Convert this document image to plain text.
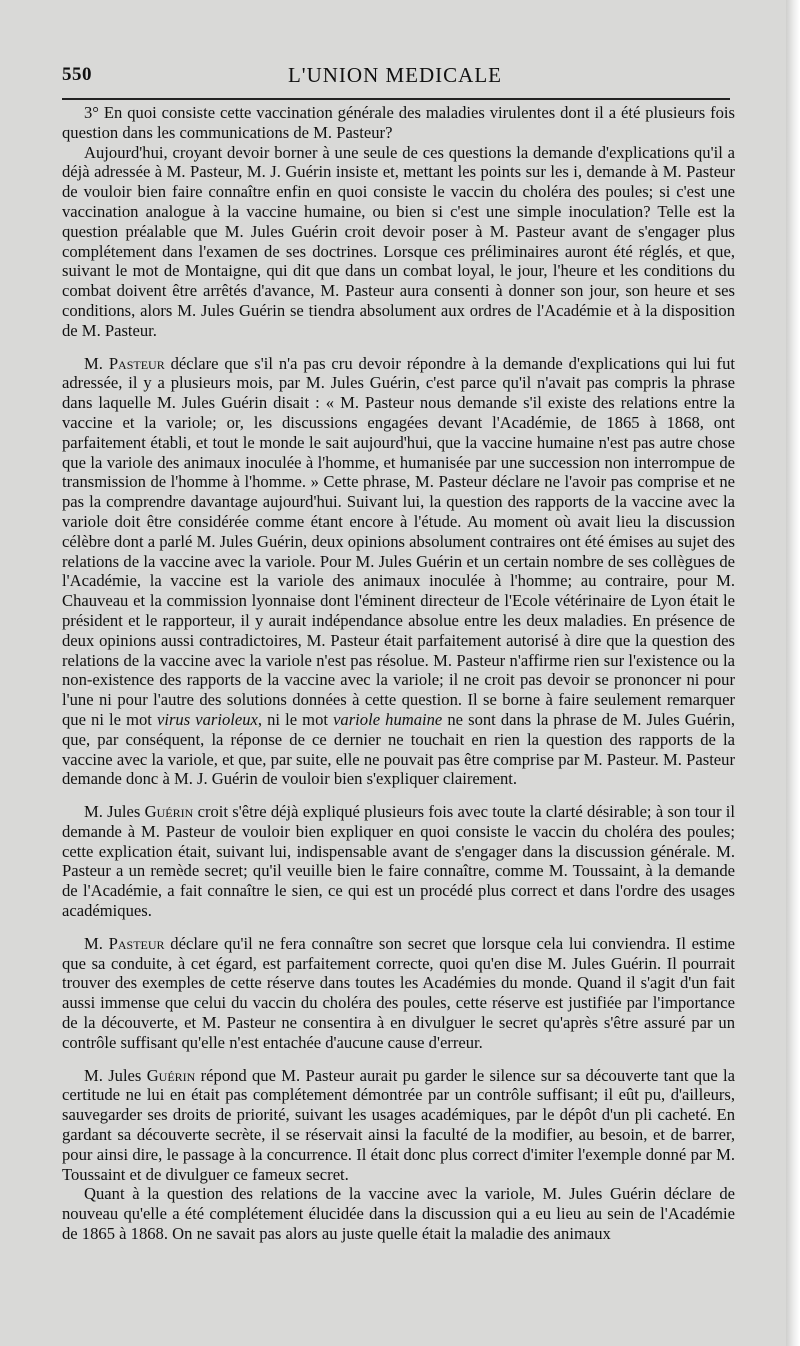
550	L'UNION MEDICALE

3° En quoi consiste cette vaccination générale des maladies virulentes dont il a été plusieurs fois question dans les communications de M. Pasteur?

Aujourd'hui, croyant devoir borner à une seule de ces questions la demande d'explications qu'il a déjà adressée à M. Pasteur, M. J. Guérin insiste et, mettant les points sur les i, demande à M. Pasteur de vouloir bien faire connaître enfin en quoi consiste le vaccin du choléra des poules; si c'est une vaccination analogue à la vaccine humaine, ou bien si c'est une simple inoculation? Telle est la question préalable que M. Jules Guérin croit devoir poser à M. Pasteur avant de s'engager plus complétement dans l'examen de ses doctrines. Lorsque ces préliminaires auront été réglés, et que, suivant le mot de Montaigne, qui dit que dans un combat loyal, le jour, l'heure et les conditions du combat doivent être arrêtés d'avance, M. Pasteur aura consenti à donner son jour, son heure et ses conditions, alors M. Jules Guérin se tiendra absolument aux ordres de l'Académie et à la disposition de M. Pasteur.

M. Pasteur déclare que s'il n'a pas cru devoir répondre à la demande d'explications qui lui fut adressée, il y a plusieurs mois, par M. Jules Guérin, c'est parce qu'il n'avait pas compris la phrase dans laquelle M. Jules Guérin disait : « M. Pasteur nous demande s'il existe des relations entre la vaccine et la variole; or, les discussions engagées devant l'Académie, de 1865 à 1868, ont parfaitement établi, et tout le monde le sait aujourd'hui, que la vaccine humaine n'est pas autre chose que la variole des animaux inoculée à l'homme, et humanisée par une succession non interrompue de transmission de l'homme à l'homme. » Cette phrase, M. Pasteur déclare ne l'avoir pas comprise et ne pas la comprendre davantage aujourd'hui. Suivant lui, la question des rapports de la vaccine avec la variole doit être considérée comme étant encore à l'étude. Au moment où avait lieu la discussion célèbre dont a parlé M. Jules Guérin, deux opinions absolument contraires ont été émises au sujet des relations de la vaccine avec la variole. Pour M. Jules Guérin et un certain nombre de ses collègues de l'Académie, la vaccine est la variole des animaux inoculée à l'homme; au contraire, pour M. Chauveau et la commission lyonnaise dont l'éminent directeur de l'Ecole vétérinaire de Lyon était le président et le rapporteur, il y aurait indépendance absolue entre les deux maladies. En présence de deux opinions aussi contradictoires, M. Pasteur était parfaitement autorisé à dire que la question des relations de la vaccine avec la variole n'est pas résolue. M. Pasteur n'affirme rien sur l'existence ou la non-existence des rapports de la vaccine avec la variole; il ne croit pas devoir se prononcer ni pour l'une ni pour l'autre des solutions données à cette question. Il se borne à faire seulement remarquer que ni le mot virus varioleux, ni le mot variole humaine ne sont dans la phrase de M. Jules Guérin, que, par conséquent, la réponse de ce dernier ne touchait en rien la question des rapports de la vaccine avec la variole, et que, par suite, elle ne pouvait pas être comprise par M. Pasteur. M. Pasteur demande donc à M. J. Guérin de vouloir bien s'expliquer clairement.

M. Jules Guérin croit s'être déjà expliqué plusieurs fois avec toute la clarté désirable; à son tour il demande à M. Pasteur de vouloir bien expliquer en quoi consiste le vaccin du choléra des poules; cette explication était, suivant lui, indispensable avant de s'engager dans la discussion générale. M. Pasteur a un remède secret; qu'il veuille bien le faire connaître, comme M. Toussaint, à la demande de l'Académie, a fait connaître le sien, ce qui est un procédé plus correct et dans l'ordre des usages académiques.

M. Pasteur déclare qu'il ne fera connaître son secret que lorsque cela lui conviendra. Il estime que sa conduite, à cet égard, est parfaitement correcte, quoi qu'en dise M. Jules Guérin. Il pourrait trouver des exemples de cette réserve dans toutes les Académies du monde. Quand il s'agit d'un fait aussi immense que celui du vaccin du choléra des poules, cette réserve est justifiée par l'importance de la découverte, et M. Pasteur ne consentira à en divulguer le secret qu'après s'être assuré par un contrôle suffisant qu'elle n'est entachée d'aucune cause d'erreur.

M. Jules Guérin répond que M. Pasteur aurait pu garder le silence sur sa découverte tant que la certitude ne lui en était pas complétement démontrée par un contrôle suffisant; il eût pu, d'ailleurs, sauvegarder ses droits de priorité, suivant les usages académiques, par le dépôt d'un pli cacheté. En gardant sa découverte secrète, il se réservait ainsi la faculté de la modifier, au besoin, et de barrer, pour ainsi dire, le passage à la concurrence. Il était donc plus correct d'imiter l'exemple donné par M. Toussaint et de divulguer ce fameux secret.

Quant à la question des relations de la vaccine avec la variole, M. Jules Guérin déclare de nouveau qu'elle a été complétement élucidée dans la discussion qui a eu lieu au sein de l'Académie de 1865 à 1868. On ne savait pas alors au juste quelle était la maladie des animaux
